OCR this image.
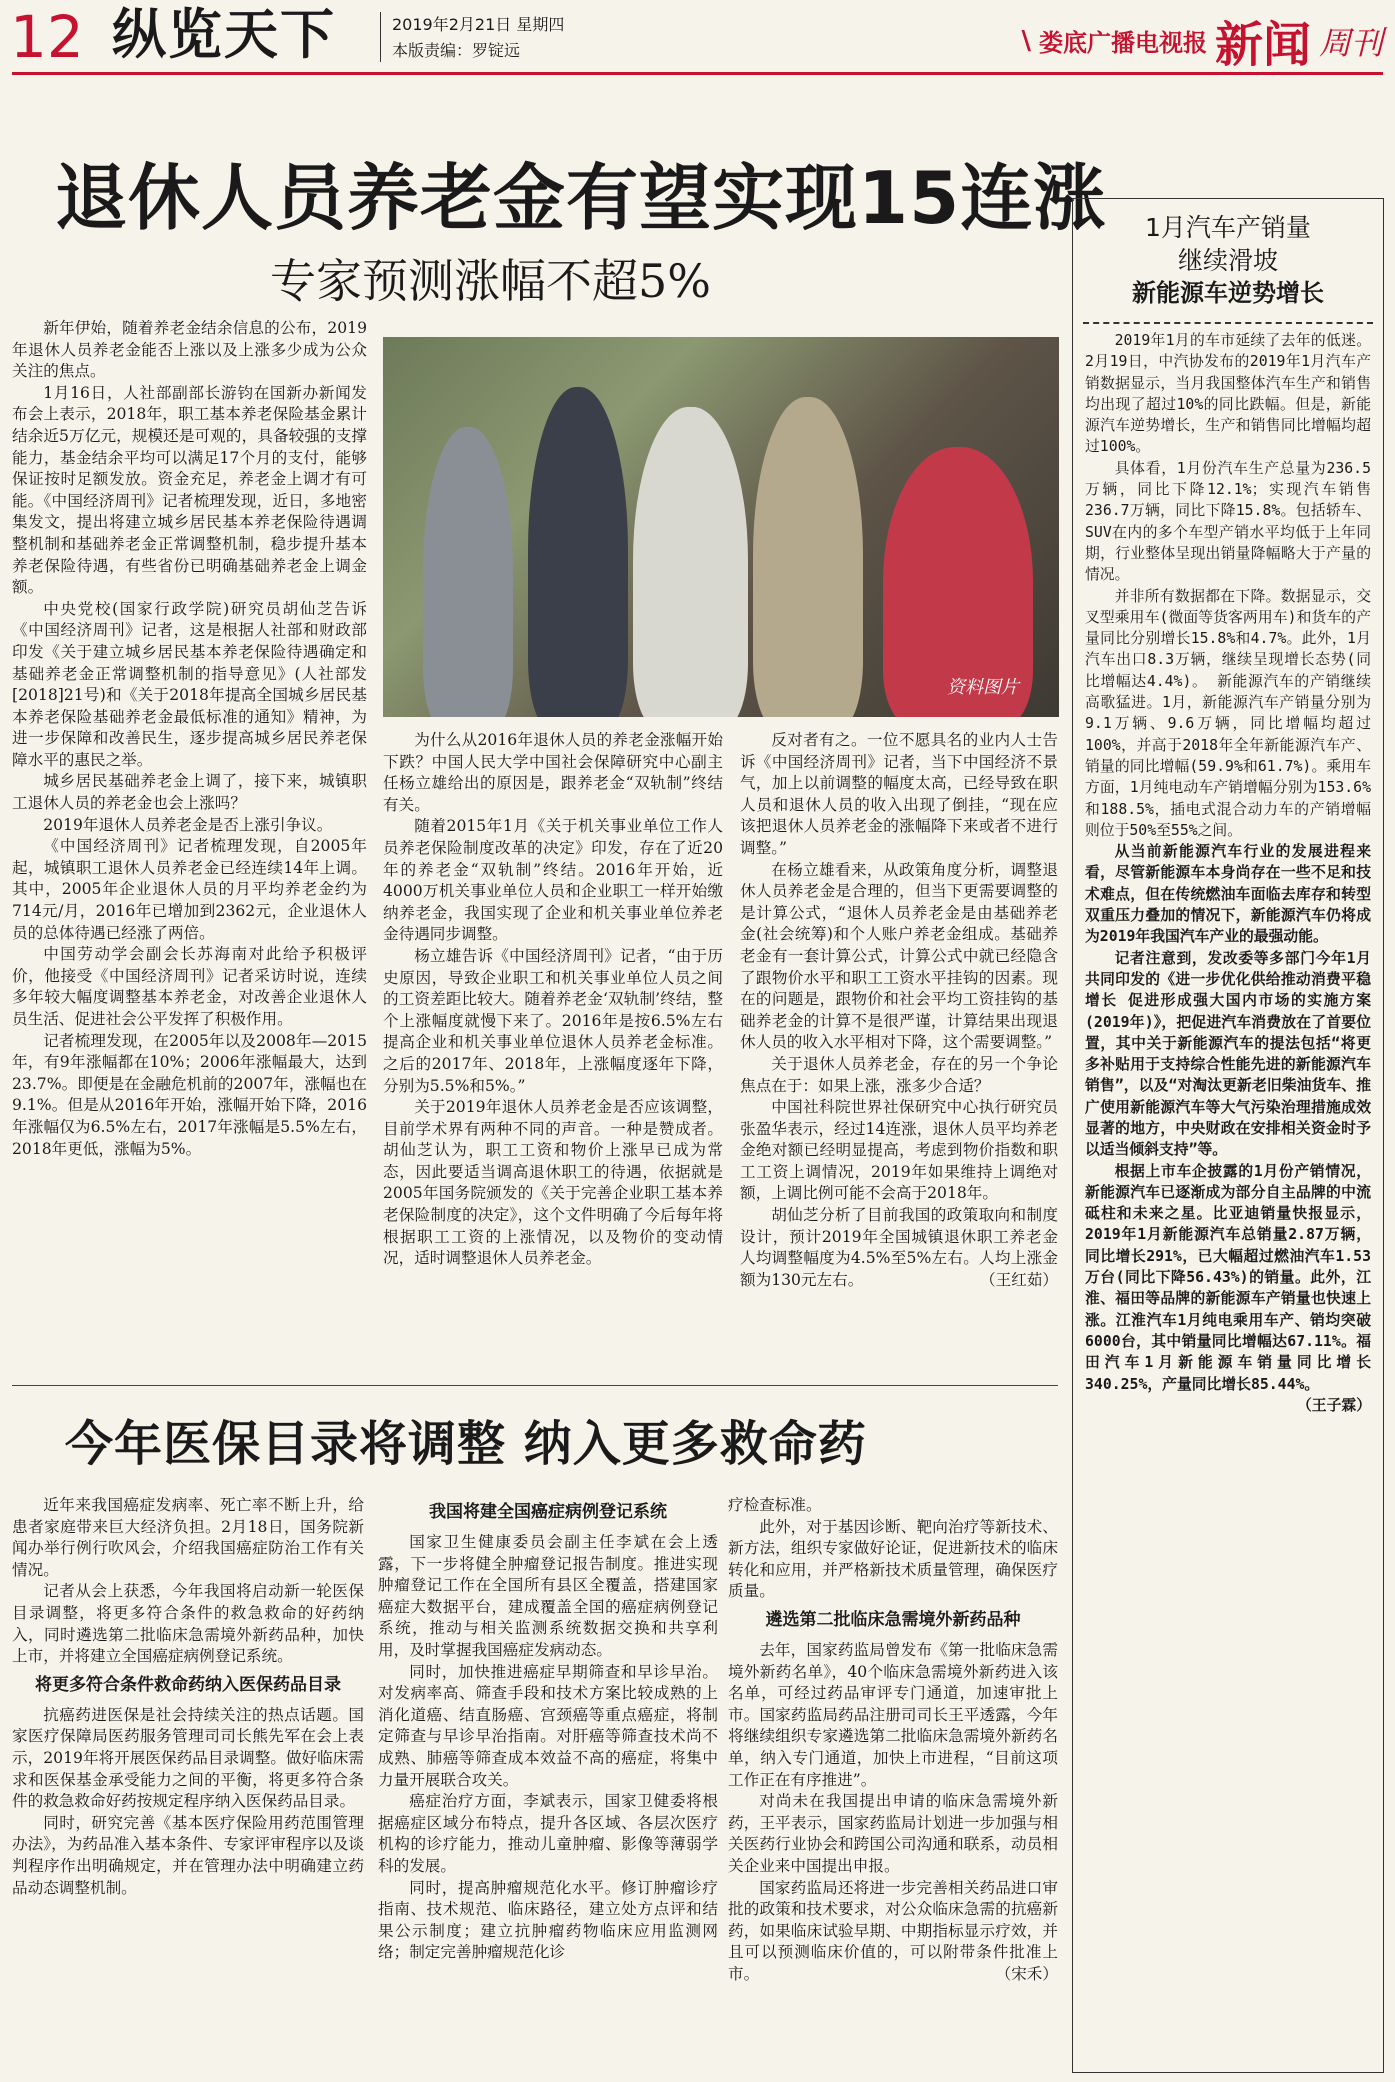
12 纵览天下	2019年2月21日 星期四
本版责编：罗锭远	\ 娄底广播电视报 新闻 周刊
退休人员养老金有望实现15连涨
专家预测涨幅不超5%

新年伊始，随着养老金结余信息的公布，2019年退休人员养老金能否上涨以及上涨多少成为公众关注的焦点。

1月16日，人社部副部长游钧在国新办新闻发布会上表示，2018年，职工基本养老保险基金累计结余近5万亿元，规模还是可观的，具备较强的支撑能力，基金结余平均可以满足17个月的支付，能够保证按时足额发放。资金充足，养老金上调才有可能。《中国经济周刊》记者梳理发现，近日，多地密集发文，提出将建立城乡居民基本养老保险待遇调整机制和基础养老金正常调整机制，稳步提升基本养老保险待遇，有些省份已明确基础养老金上调金额。

中央党校(国家行政学院)研究员胡仙芝告诉《中国经济周刊》记者，这是根据人社部和财政部印发《关于建立城乡居民基本养老保险待遇确定和基础养老金正常调整机制的指导意见》(人社部发[2018]21号)和《关于2018年提高全国城乡居民基本养老保险基础养老金最低标准的通知》精神，为进一步保障和改善民生，逐步提高城乡居民养老保障水平的惠民之举。

城乡居民基础养老金上调了，接下来，城镇职工退休人员的养老金也会上涨吗？

2019年退休人员养老金是否上涨引争议。

《中国经济周刊》记者梳理发现，自2005年起，城镇职工退休人员养老金已经连续14年上调。其中，2005年企业退休人员的月平均养老金约为714元/月，2016年已增加到2362元，企业退休人员的总体待遇已经涨了两倍。

中国劳动学会副会长苏海南对此给予积极评价，他接受《中国经济周刊》记者采访时说，连续多年较大幅度调整基本养老金，对改善企业退休人员生活、促进社会公平发挥了积极作用。

记者梳理发现，在2005年以及2008年—2015年，有9年涨幅都在10%；2006年涨幅最大，达到23.7%。即便是在金融危机前的2007年，涨幅也在9.1%。但是从2016年开始，涨幅开始下降，2016年涨幅仅为6.5%左右，2017年涨幅是5.5%左右，2018年更低，涨幅为5%。

资料图片

为什么从2016年退休人员的养老金涨幅开始下跌？中国人民大学中国社会保障研究中心副主任杨立雄给出的原因是，跟养老金“双轨制”终结有关。

随着2015年1月《关于机关事业单位工作人员养老保险制度改革的决定》印发，存在了近20年的养老金“双轨制”终结。2016年开始，近4000万机关事业单位人员和企业职工一样开始缴纳养老金，我国实现了企业和机关事业单位养老金待遇同步调整。

杨立雄告诉《中国经济周刊》记者，“由于历史原因，导致企业职工和机关事业单位人员之间的工资差距比较大。随着养老金‘双轨制’终结，整个上涨幅度就慢下来了。2016年是按6.5%左右提高企业和机关事业单位退休人员养老金标准。之后的2017年、2018年，上涨幅度逐年下降，分别为5.5%和5%。”

关于2019年退休人员养老金是否应该调整，目前学术界有两种不同的声音。一种是赞成者。胡仙芝认为，职工工资和物价上涨早已成为常态，因此要适当调高退休职工的待遇，依据就是2005年国务院颁发的《关于完善企业职工基本养老保险制度的决定》，这个文件明确了今后每年将根据职工工资的上涨情况，以及物价的变动情况，适时调整退休人员养老金。

反对者有之。一位不愿具名的业内人士告诉《中国经济周刊》记者，当下中国经济不景气，加上以前调整的幅度太高，已经导致在职人员和退休人员的收入出现了倒挂，“现在应该把退休人员养老金的涨幅降下来或者不进行调整。”

在杨立雄看来，从政策角度分析，调整退休人员养老金是合理的，但当下更需要调整的是计算公式，“退休人员养老金是由基础养老金(社会统筹)和个人账户养老金组成。基础养老金有一套计算公式，计算公式中就已经隐含了跟物价水平和职工工资水平挂钩的因素。现在的问题是，跟物价和社会平均工资挂钩的基础养老金的计算不是很严谨，计算结果出现退休人员的收入水平相对下降，这个需要调整。”

关于退休人员养老金，存在的另一个争论焦点在于：如果上涨，涨多少合适？

中国社科院世界社保研究中心执行研究员张盈华表示，经过14连涨，退休人员平均养老金绝对额已经明显提高，考虑到物价指数和职工工资上调情况，2019年如果维持上调绝对额，上调比例可能不会高于2018年。

胡仙芝分析了目前我国的政策取向和制度设计，预计2019年全国城镇退休职工养老金人均调整幅度为4.5%至5%左右。人均上涨金额为130元左右。	（王红茹）

今年医保目录将调整 纳入更多救命药

近年来我国癌症发病率、死亡率不断上升，给患者家庭带来巨大经济负担。2月18日，国务院新闻办举行例行吹风会，介绍我国癌症防治工作有关情况。

记者从会上获悉，今年我国将启动新一轮医保目录调整，将更多符合条件的救急救命的好药纳入，同时遴选第二批临床急需境外新药品种，加快上市，并将建立全国癌症病例登记系统。

将更多符合条件救命药纳入医保药品目录

抗癌药进医保是社会持续关注的热点话题。国家医疗保障局医药服务管理司司长熊先军在会上表示，2019年将开展医保药品目录调整。做好临床需求和医保基金承受能力之间的平衡，将更多符合条件的救急救命好药按规定程序纳入医保药品目录。

同时，研究完善《基本医疗保险用药范围管理办法》，为药品准入基本条件、专家评审程序以及谈判程序作出明确规定，并在管理办法中明确建立药品动态调整机制。

我国将建全国癌症病例登记系统

国家卫生健康委员会副主任李斌在会上透露，下一步将健全肿瘤登记报告制度。推进实现肿瘤登记工作在全国所有县区全覆盖，搭建国家癌症大数据平台，建成覆盖全国的癌症病例登记系统，推动与相关监测系统数据交换和共享利用，及时掌握我国癌症发病动态。

同时，加快推进癌症早期筛查和早诊早治。对发病率高、筛查手段和技术方案比较成熟的上消化道癌、结直肠癌、宫颈癌等重点癌症，将制定筛查与早诊早治指南。对肝癌等筛查技术尚不成熟、肺癌等筛查成本效益不高的癌症，将集中力量开展联合攻关。

癌症治疗方面，李斌表示，国家卫健委将根据癌症区域分布特点，提升各区域、各层次医疗机构的诊疗能力，推动儿童肿瘤、影像等薄弱学科的发展。

同时，提高肿瘤规范化水平。修订肿瘤诊疗指南、技术规范、临床路径，建立处方点评和结果公示制度；建立抗肿瘤药物临床应用监测网络；制定完善肿瘤规范化诊

疗检查标准。

此外，对于基因诊断、靶向治疗等新技术、新方法，组织专家做好论证，促进新技术的临床转化和应用，并严格新技术质量管理，确保医疗质量。

遴选第二批临床急需境外新药品种

去年，国家药监局曾发布《第一批临床急需境外新药名单》，40个临床急需境外新药进入该名单，可经过药品审评专门通道，加速审批上市。国家药监局药品注册司司长王平透露，今年将继续组织专家遴选第二批临床急需境外新药名单，纳入专门通道，加快上市进程，“目前这项工作正在有序推进”。

对尚未在我国提出申请的临床急需境外新药，王平表示，国家药监局计划进一步加强与相关医药行业协会和跨国公司沟通和联系，动员相关企业来中国提出申报。

国家药监局还将进一步完善相关药品进口审批的政策和技术要求，对公众临床急需的抗癌新药，如果临床试验早期、中期指标显示疗效，并且可以预测临床价值的，可以附带条件批准上市。	（宋禾）

1月汽车产销量
继续滑坡
新能源车逆势增长

2019年1月的车市延续了去年的低迷。2月19日，中汽协发布的2019年1月汽车产销数据显示，当月我国整体汽车生产和销售均出现了超过10%的同比跌幅。但是，新能源汽车逆势增长，生产和销售同比增幅均超过100%。

具体看，1月份汽车生产总量为236.5万辆，同比下降12.1%；实现汽车销售236.7万辆，同比下降15.8%。包括轿车、SUV在内的多个车型产销水平均低于上年同期，行业整体呈现出销量降幅略大于产量的情况。

并非所有数据都在下降。数据显示，交叉型乘用车(微面等货客两用车)和货车的产量同比分别增长15.8%和4.7%。此外，1月汽车出口8.3万辆，继续呈现增长态势(同比增幅达4.4%)。 新能源汽车的产销继续高歌猛进。1月，新能源汽车产销量分别为9.1万辆、9.6万辆，同比增幅均超过100%，并高于2018年全年新能源汽车产、销量的同比增幅(59.9%和61.7%)。乘用车方面，1月纯电动车产销增幅分别为153.6%和188.5%，插电式混合动力车的产销增幅则位于50%至55%之间。

从当前新能源汽车行业的发展进程来看，尽管新能源车本身尚存在一些不足和技术难点，但在传统燃油车面临去库存和转型双重压力叠加的情况下，新能源汽车仍将成为2019年我国汽车产业的最强动能。

记者注意到，发改委等多部门今年1月共同印发的《进一步优化供给推动消费平稳增长 促进形成强大国内市场的实施方案(2019年)》，把促进汽车消费放在了首要位置，其中关于新能源汽车的提法包括“将更多补贴用于支持综合性能先进的新能源汽车销售”，以及“对淘汰更新老旧柴油货车、推广使用新能源汽车等大气污染治理措施成效显著的地方，中央财政在安排相关资金时予以适当倾斜支持”等。

根据上市车企披露的1月份产销情况，新能源汽车已逐渐成为部分自主品牌的中流砥柱和未来之星。比亚迪销量快报显示，2019年1月新能源汽车总销量2.87万辆，同比增长291%，已大幅超过燃油汽车1.53万台(同比下降56.43%)的销量。此外，江淮、福田等品牌的新能源车产销量也快速上涨。江淮汽车1月纯电乘用车产、销均突破6000台，其中销量同比增幅达67.11%。福田汽车1月新能源车销量同比增长340.25%，产量同比增长85.44%。
（王子霖）
